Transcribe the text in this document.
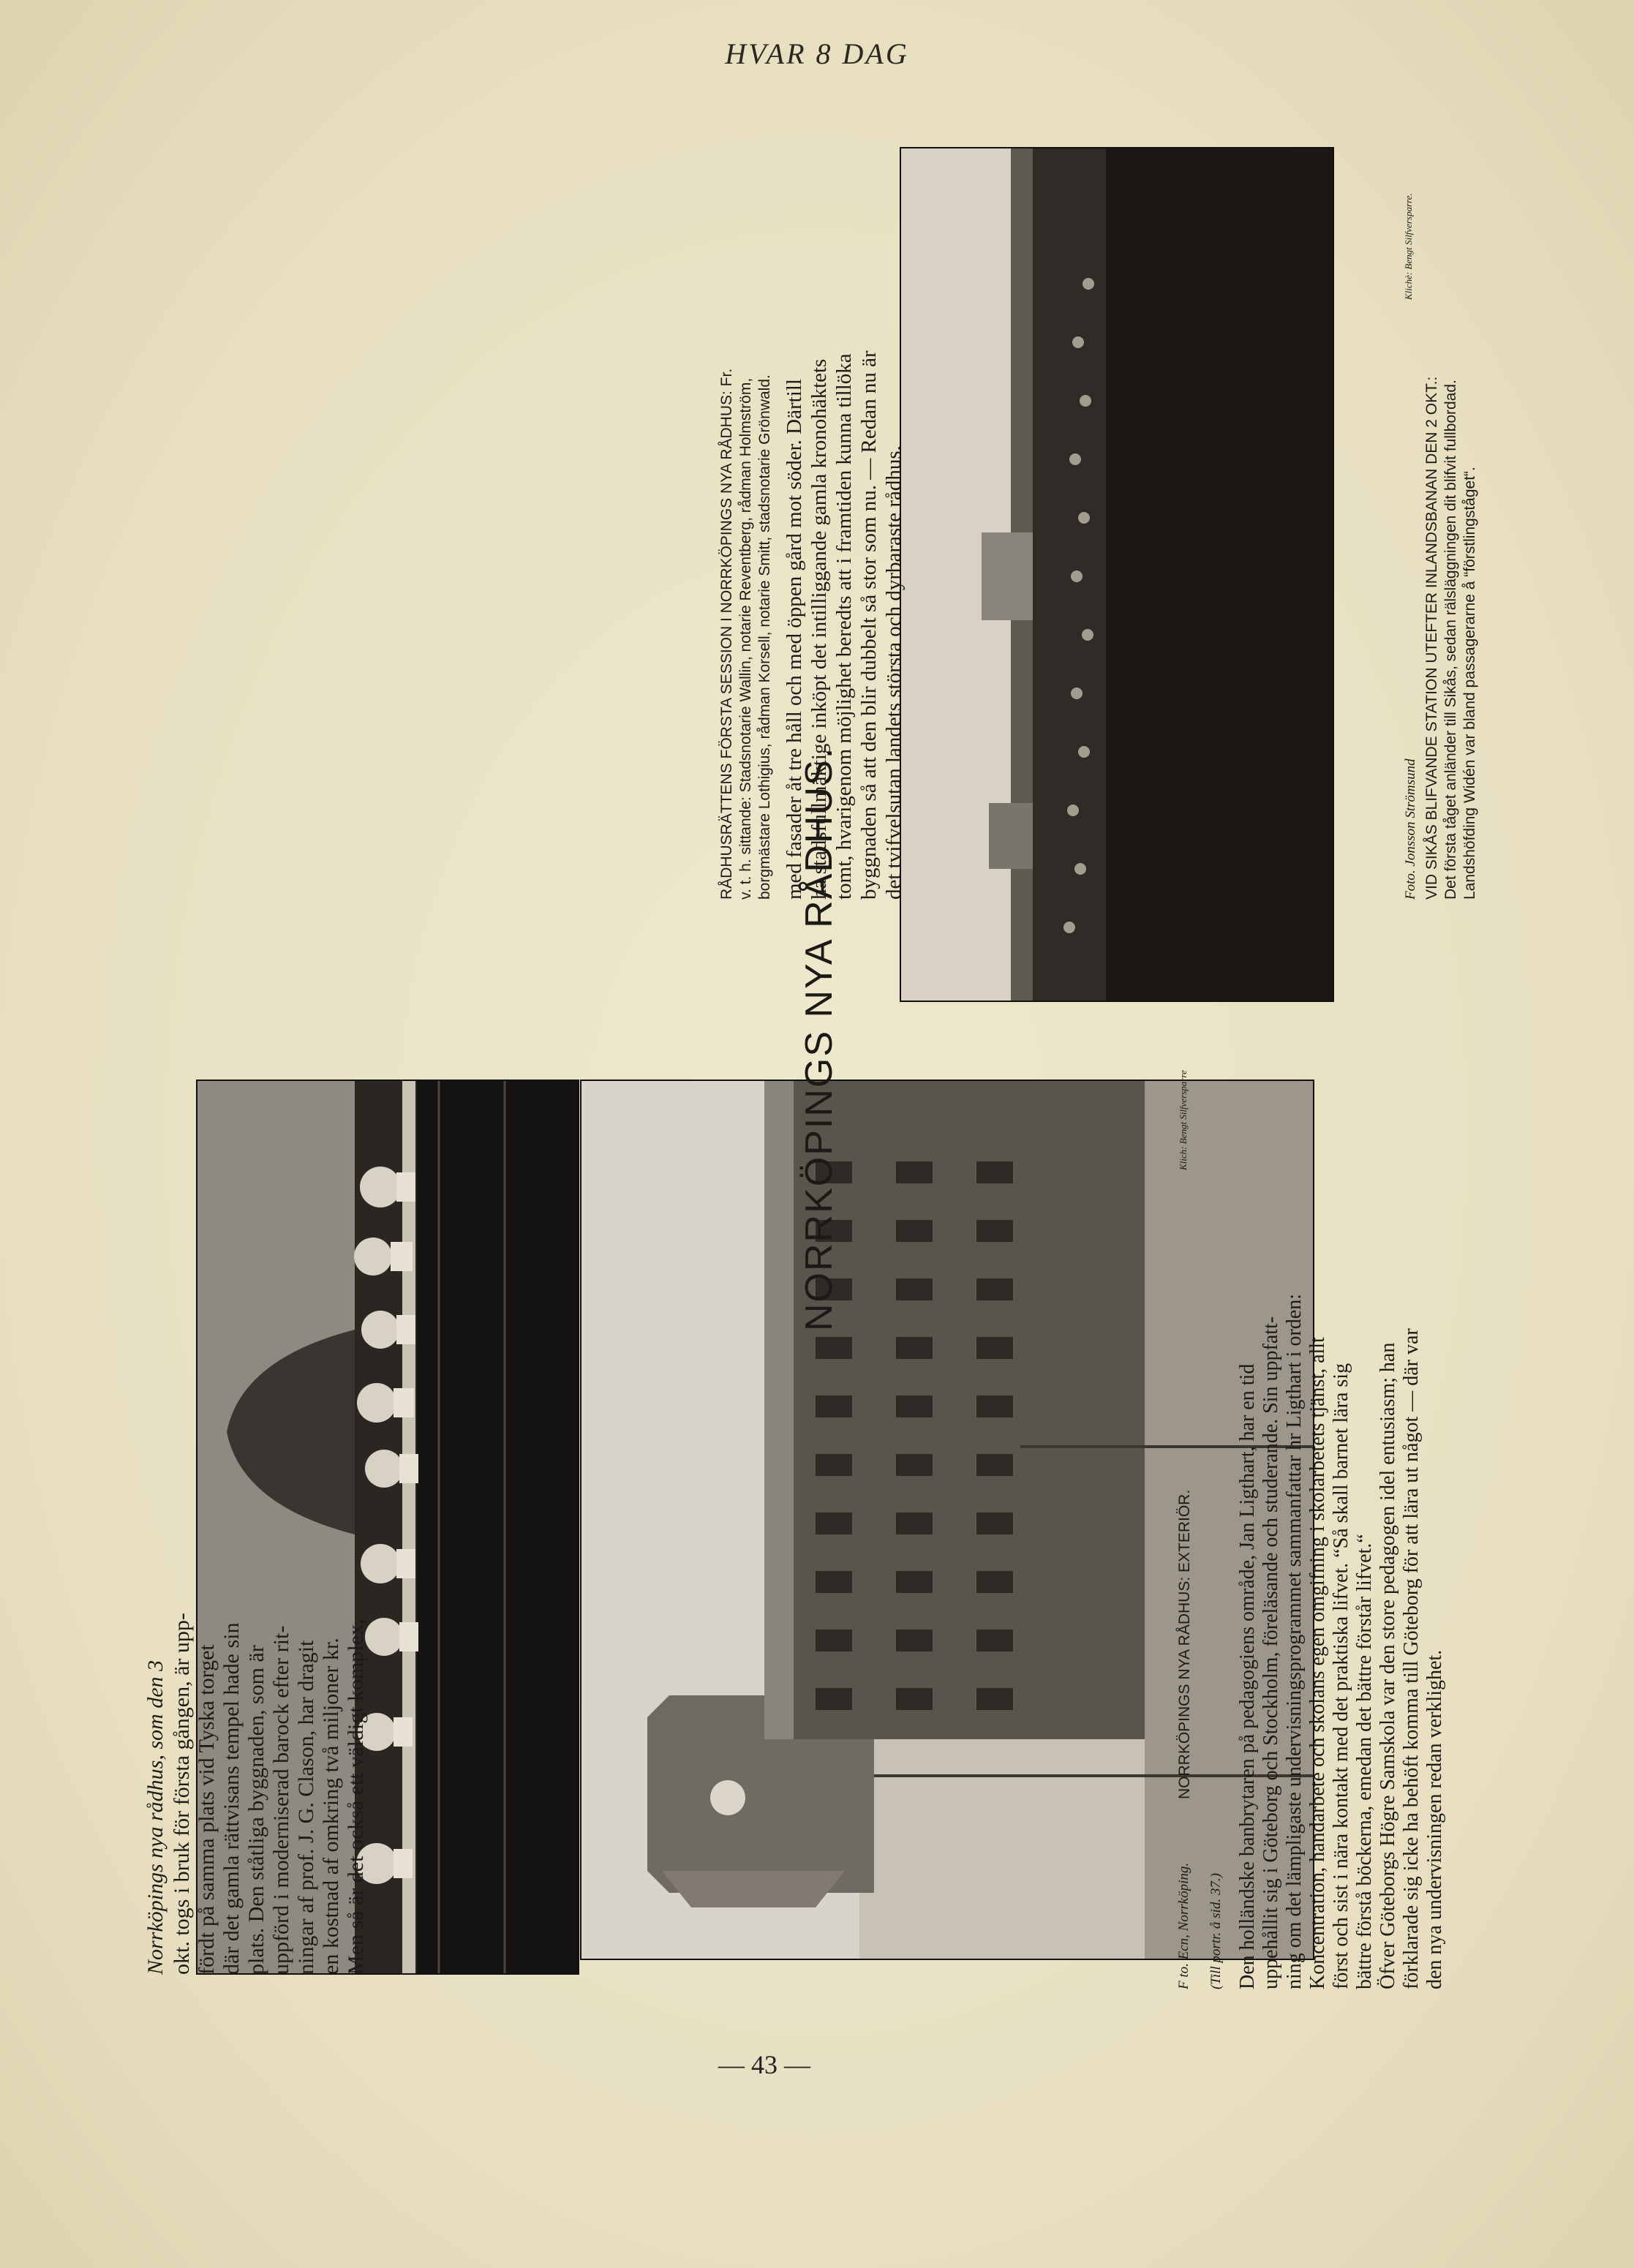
HVAR 8 DAG
NORRKÖPINGS NYA RÅDHUS.
Norrköpings nya rådhus, som den 3 okt. togs i bruk för första gången, är upp- fördt på samma plats vid Tyska torget där det gamla rättvisans tempel hade sin plats. Den ståtliga byggnaden, som är uppförd i moderniserad barock efter rit- ningar af prof. J. G. Clason, har dragit en kostnad af omkring två miljoner kr. Men så är det också ett väldigt komplex,	F to. Ecn, Norrköping.
NORRKÖPINGS NYA RÅDHUS: EXTERIÖR.
Klich: Bengt Silfversparre
(Till portr. å sid. 37.) Den holländske banbrytaren på pedagogiens område, Jan Ligthart, har en tid uppehållit sig i Göteborg och Stockholm, föreläsande och studerande. Sin uppfatt- ning om det lämpligaste undervisningsprogrammet sammanfattar hr Ligthart i orden: Koncentration, handarbete och skolans egen omgifning i skolarbetets tjänst, allt först och sist i nära kontakt med det praktiska lifvet. “Så skall barnet lära sig bättre förstå böckerna, emedan det bättre förstår lifvet.“ Öfver Göteborgs Högre Samskola var den store pedagogen idel entusiasm; han förklarade sig icke ha behöft komma till Göteborg för att lära ut något — där var den nya undervisningen redan verklighet.
RÅDHUSRÄTTENS FÖRSTA SESSION I NORRKÖPINGS NYA RÅDHUS: Fr. v. t. h. sittande: Stadsnotarie Wallin, notarie Reventberg, rådman Holmström, borgmästare Lothigius, rådman Korsell, notarie Smitt, stadsnotarie Grönwald. med fasader åt tre håll och med öppen gård mot söder. Därtill ha stadsfullmäktige inköpt det intilliggande gamla kronohäktets tomt, hvarigenom möjlighet beredts att i framtiden kunna tillöka byggnaden så att den blir dubbelt så stor som nu. — Redan nu är det tvifvelsutan landets största och dyrbaraste rådhus.	Foto. Jonsson Strömsund
Klichè: Bengt Silfversparre.
VID SIKÅS BLIFVANDE STATION UTEFTER INLANDSBANAN DEN 2 OKT.: Det första tåget anländer till Sikås, sedan rälsläggningen dit blifvit fullbordad. Landshöfding Widén var bland passagerarne å “förstlingståget“.
— 43 —
